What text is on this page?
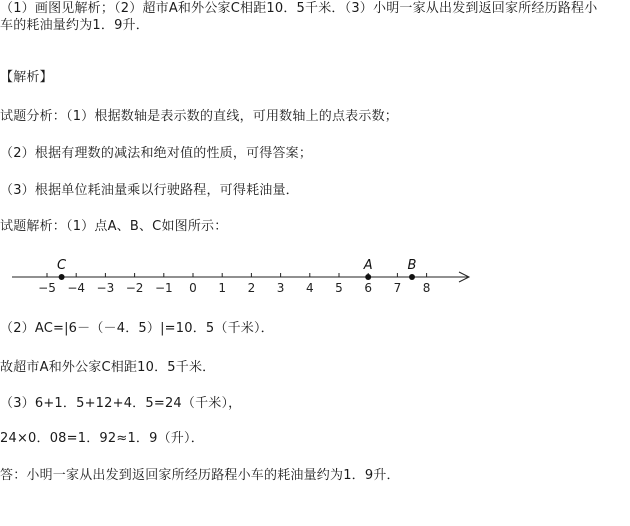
（1）画图见解析；（2）超市A和外公家C相距10．5千米．（3）小明一家从出发到返回家所经历路程小
车的耗油量约为1．9升．
【解析】
试题分析：（1）根据数轴是表示数的直线，可用数轴上的点表示数；
（2）根据有理数的减法和绝对值的性质，可得答案；
（3）根据单位耗油量乘以行驶路程，可得耗油量．
试题解析：（1）点A、B、C如图所示：
−5 −4 −3 −2 −1 0 1 2 3 4 5 6 7 8
C	A	B
（2）AC=|6－（－4．5）|=10．5（千米）．
故超市A和外公家C相距10．5千米．
（3）6+1．5+12+4．5=24（千米），
24×0．08=1．92≈1．9（升）．
答：小明一家从出发到返回家所经历路程小车的耗油量约为1．9升．
